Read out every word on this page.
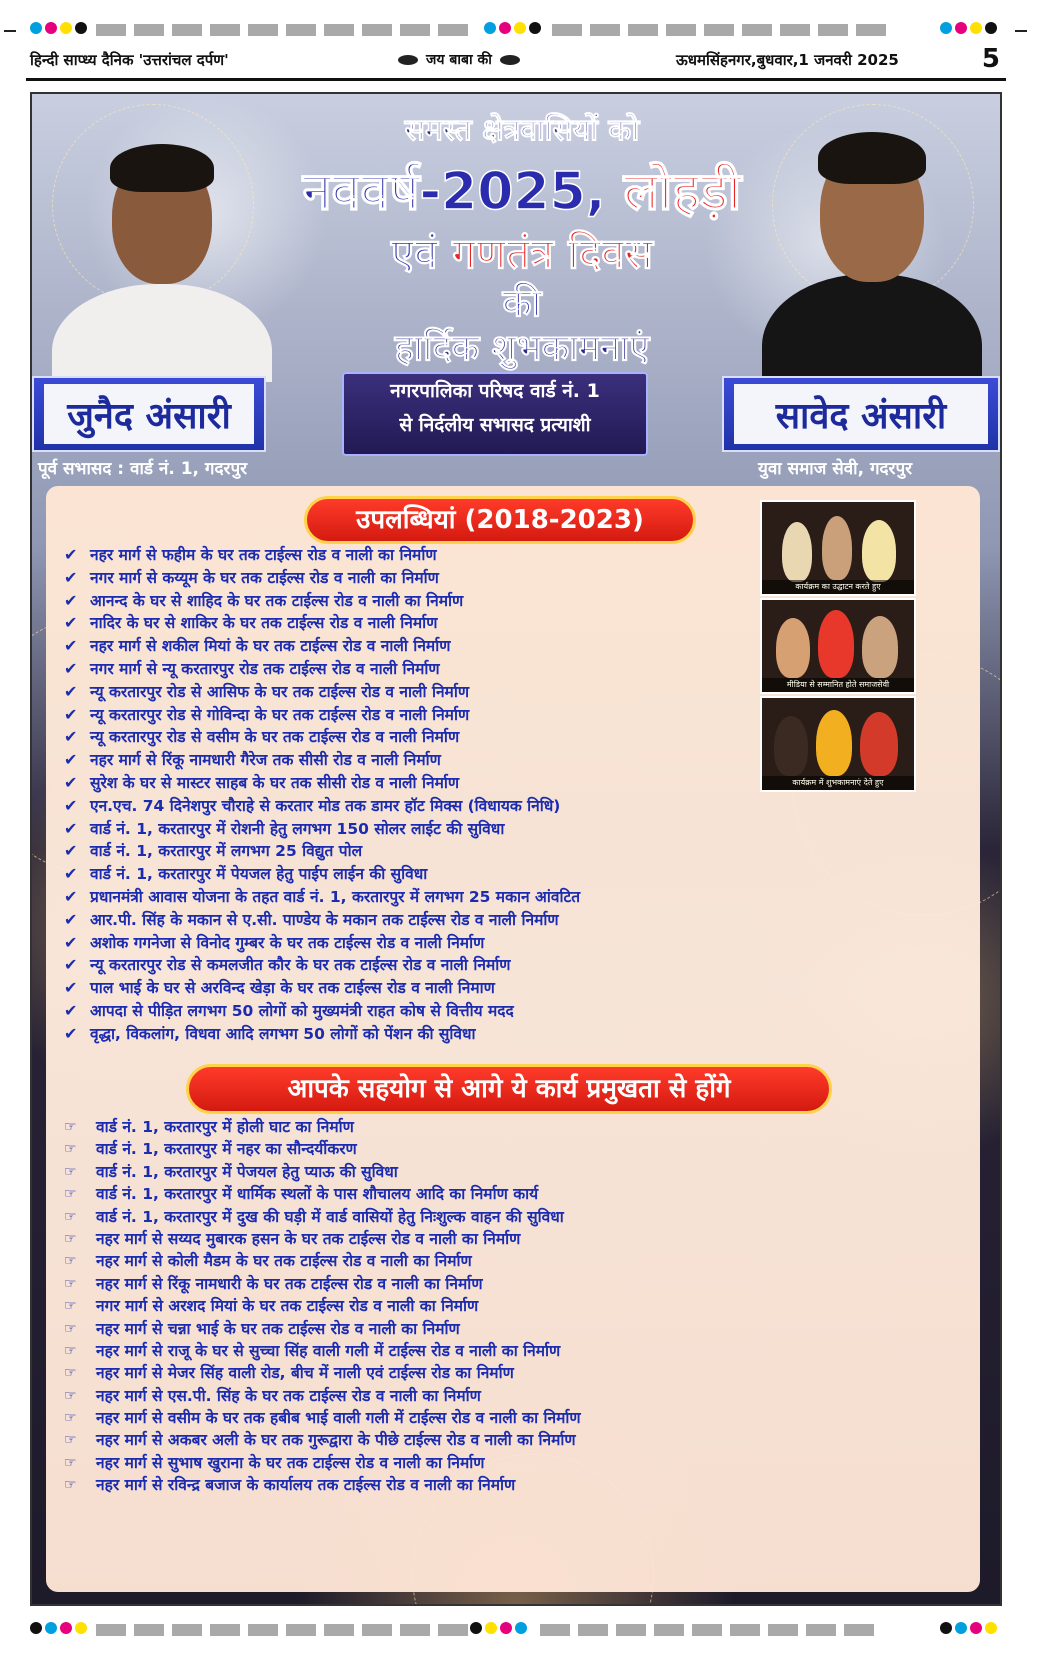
हिन्दी साप्ध्य दैनिक 'उत्तरांचल दर्पण'	जय बाबा की	ऊधमसिंहनगर,बुधवार,1 जनवरी 2025	5
समस्त क्षेत्रवासियों को
नववर्ष-2025, लोहड़ी
एवं गणतंत्र दिवस
की
हार्दिक शुभकामनाएं
जुनैद अंसारी	सावेद अंसारी
पूर्व सभासद : वार्ड नं. 1, गदरपुर	युवा समाज सेवी, गदरपुर
नगरपालिका परिषद वार्ड नं. 1
से निर्दलीय सभासद प्रत्याशी
उपलब्धियां (2018-2023)
✔ नहर मार्ग से फहीम के घर तक टाईल्स रोड व नाली का निर्माण
✔ नगर मार्ग से कय्यूम के घर तक टाईल्स रोड व नाली का निर्माण
✔ आनन्द के घर से शाहिद के घर तक टाईल्स रोड व नाली का निर्माण
✔ नादिर के घर से शाकिर के घर तक टाईल्स रोड व नाली निर्माण
✔ नहर मार्ग से शकील मियां के घर तक टाईल्स रोड व नाली निर्माण
✔ नगर मार्ग से न्यू करतारपुर रोड तक टाईल्स रोड व नाली निर्माण
✔ न्यू करतारपुर रोड से आसिफ के घर तक टाईल्स रोड व नाली निर्माण
✔ न्यू करतारपुर रोड से गोविन्दा के घर तक टाईल्स रोड व नाली निर्माण
✔ न्यू करतारपुर रोड से वसीम के घर तक टाईल्स रोड व नाली निर्माण
✔ नहर मार्ग से रिंकू नामधारी गैरेज तक सीसी रोड व नाली निर्माण
✔ सुरेश के घर से मास्टर साहब के घर तक सीसी रोड व नाली निर्माण
✔ एन.एच. 74 दिनेशपुर चौराहे से करतार मोड तक डामर हॉट मिक्स (विधायक निधि)
✔ वार्ड नं. 1, करतारपुर में रोशनी हेतु लगभग 150 सोलर लाईट की सुविधा
✔ वार्ड नं. 1, करतारपुर में लगभग 25 विद्युत पोल
✔ वार्ड नं. 1, करतारपुर में पेयजल हेतु पाईप लाईन की सुविधा
✔ प्रधानमंत्री आवास योजना के तहत वार्ड नं. 1, करतारपुर में लगभग 25 मकान आंवटित
✔ आर.पी. सिंह के मकान से ए.सी. पाण्डेय के मकान तक टाईल्स रोड व नाली निर्माण
✔ अशोक गगनेजा से विनोद गुम्बर के घर तक टाईल्स रोड व नाली निर्माण
✔ न्यू करतारपुर रोड से कमलजीत कौर के घर तक टाईल्स रोड व नाली निर्माण
✔ पाल भाई के घर से अरविन्द खेड़ा के घर तक टाईल्स रोड व नाली निमाण
✔ आपदा से पीड़ित लगभग 50 लोगों को मुख्यमंत्री राहत कोष से वित्तीय मदद
✔ वृद्धा, विकलांग, विधवा आदि लगभग 50 लोगों को पेंशन की सुविधा
कार्यक्रम का उद्घाटन करते हुए
मीडिया से सम्मानित होते समाजसेवी
कार्यक्रम में शुभकामनाएं देते हुए
आपके सहयोग से आगे ये कार्य प्रमुखता से होंगे
☞	वार्ड नं. 1, करतारपुर में होली घाट का निर्माण
☞	वार्ड नं. 1, करतारपुर में नहर का सौन्दर्यीकरण
☞	वार्ड नं. 1, करतारपुर में पेजयल हेतु प्याऊ की सुविधा
☞	वार्ड नं. 1, करतारपुर में धार्मिक स्थलों के पास शौचालय आदि का निर्माण कार्य
☞	वार्ड नं. 1, करतारपुर में दुख की घड़ी में वार्ड वासियों हेतु निःशुल्क वाहन की सुविधा
☞	नहर मार्ग से सय्यद मुबारक हसन के घर तक टाईल्स रोड व नाली का निर्माण
☞	नहर मार्ग से कोली मैडम के घर तक टाईल्स रोड व नाली का निर्माण
☞	नहर मार्ग से रिंकू नामधारी के घर तक टाईल्स रोड व नाली का निर्माण
☞	नगर मार्ग से अरशद मियां के घर तक टाईल्स रोड व नाली का निर्माण
☞	नहर मार्ग से चन्ना भाई के घर तक टाईल्स रोड व नाली का निर्माण
☞	नहर मार्ग से राजू के घर से सुच्चा सिंह वाली गली में टाईल्स रोड व नाली का निर्माण
☞	नहर मार्ग से मेजर सिंह वाली रोड, बीच में नाली एवं टाईल्स रोड का निर्माण
☞	नहर मार्ग से एस.पी. सिंह के घर तक टाईल्स रोड व नाली का निर्माण
☞	नहर मार्ग से वसीम के घर तक हबीब भाई वाली गली में टाईल्स रोड व नाली का निर्माण
☞	नहर मार्ग से अकबर अली के घर तक गुरूद्वारा के पीछे टाईल्स रोड व नाली का निर्माण
☞	नहर मार्ग से सुभाष खुराना के घर तक टाईल्स रोड व नाली का निर्माण
☞	नहर मार्ग से रविन्द्र बजाज के कार्यालय तक टाईल्स रोड व नाली का निर्माण
